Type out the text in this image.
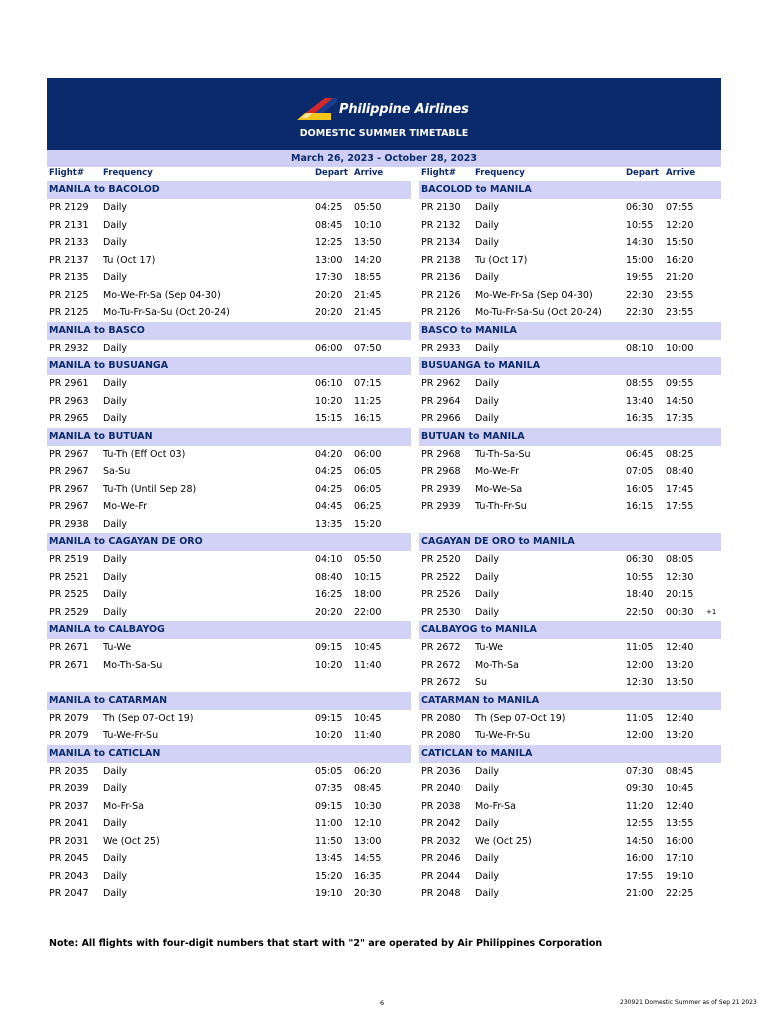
Philippine Airlines
DOMESTIC SUMMER TIMETABLE
March 26, 2023 - October 28, 2023
Flight# Frequency	Depart Arrive
MANILA to BACOLOD
PR 2129 Daily	04:25 05:50
PR 2131 Daily	08:45 10:10
PR 2133 Daily	12:25 13:50
PR 2137 Tu (Oct 17)	13:00 14:20
PR 2135 Daily	17:30 18:55
PR 2125 Mo-We-Fr-Sa (Sep 04-30)	20:20 21:45
PR 2125 Mo-Tu-Fr-Sa-Su (Oct 20-24)	20:20 21:45
MANILA to BASCO
PR 2932 Daily	06:00 07:50
MANILA to BUSUANGA
PR 2961 Daily	06:10 07:15
PR 2963 Daily	10:20 11:25
PR 2965 Daily	15:15 16:15
MANILA to BUTUAN
PR 2967 Tu-Th (Eff Oct 03)	04:20 06:00
PR 2967 Sa-Su	04:25 06:05
PR 2967 Tu-Th (Until Sep 28)	04:25 06:05
PR 2967 Mo-We-Fr	04:45 06:25
PR 2938 Daily	13:35 15:20
MANILA to CAGAYAN DE ORO
PR 2519 Daily	04:10 05:50
PR 2521 Daily	08:40 10:15
PR 2525 Daily	16:25 18:00
PR 2529 Daily	20:20 22:00
MANILA to CALBAYOG
PR 2671 Tu-We	09:15 10:45
PR 2671 Mo-Th-Sa-Su	10:20 11:40
MANILA to CATARMAN
PR 2079 Th (Sep 07-Oct 19)	09:15 10:45
PR 2079 Tu-We-Fr-Su	10:20 11:40
MANILA to CATICLAN
PR 2035 Daily	05:05 06:20
PR 2039 Daily	07:35 08:45
PR 2037 Mo-Fr-Sa	09:15 10:30
PR 2041 Daily	11:00 12:10
PR 2031 We (Oct 25)	11:50 13:00
PR 2045 Daily	13:45 14:55
PR 2043 Daily	15:20 16:35
PR 2047 Daily	19:10 20:30
Flight# Frequency	Depart Arrive
BACOLOD to MANILA
PR 2130 Daily	06:30 07:55
PR 2132 Daily	10:55 12:20
PR 2134 Daily	14:30 15:50
PR 2138 Tu (Oct 17)	15:00 16:20
PR 2136 Daily	19:55 21:20
PR 2126 Mo-We-Fr-Sa (Sep 04-30)	22:30 23:55
PR 2126 Mo-Tu-Fr-Sa-Su (Oct 20-24)	22:30 23:55
BASCO to MANILA
PR 2933 Daily	08:10 10:00
BUSUANGA to MANILA
PR 2962 Daily	08:55 09:55
PR 2964 Daily	13:40 14:50
PR 2966 Daily	16:35 17:35
BUTUAN to MANILA
PR 2968 Tu-Th-Sa-Su	06:45 08:25
PR 2968 Mo-We-Fr	07:05 08:40
PR 2939 Mo-We-Sa	16:05 17:45
PR 2939 Tu-Th-Fr-Su	16:15 17:55
CAGAYAN DE ORO to MANILA
PR 2520 Daily	06:30 08:05
PR 2522 Daily	10:55 12:30
PR 2526 Daily	18:40 20:15
PR 2530 Daily	22:50 00:30 +1
CALBAYOG to MANILA
PR 2672 Tu-We	11:05 12:40
PR 2672 Mo-Th-Sa	12:00 13:20
PR 2672 Su	12:30 13:50
CATARMAN to MANILA
PR 2080 Th (Sep 07-Oct 19)	11:05 12:40
PR 2080 Tu-We-Fr-Su	12:00 13:20
CATICLAN to MANILA
PR 2036 Daily	07:30 08:45
PR 2040 Daily	09:30 10:45
PR 2038 Mo-Fr-Sa	11:20 12:40
PR 2042 Daily	12:55 13:55
PR 2032 We (Oct 25)	14:50 16:00
PR 2046 Daily	16:00 17:10
PR 2044 Daily	17:55 19:10
PR 2048 Daily	21:00 22:25
Note: All flights with four-digit numbers that start with "2" are operated by Air Philippines Corporation
6	230921 Domestic Summer as of Sep 21 2023
